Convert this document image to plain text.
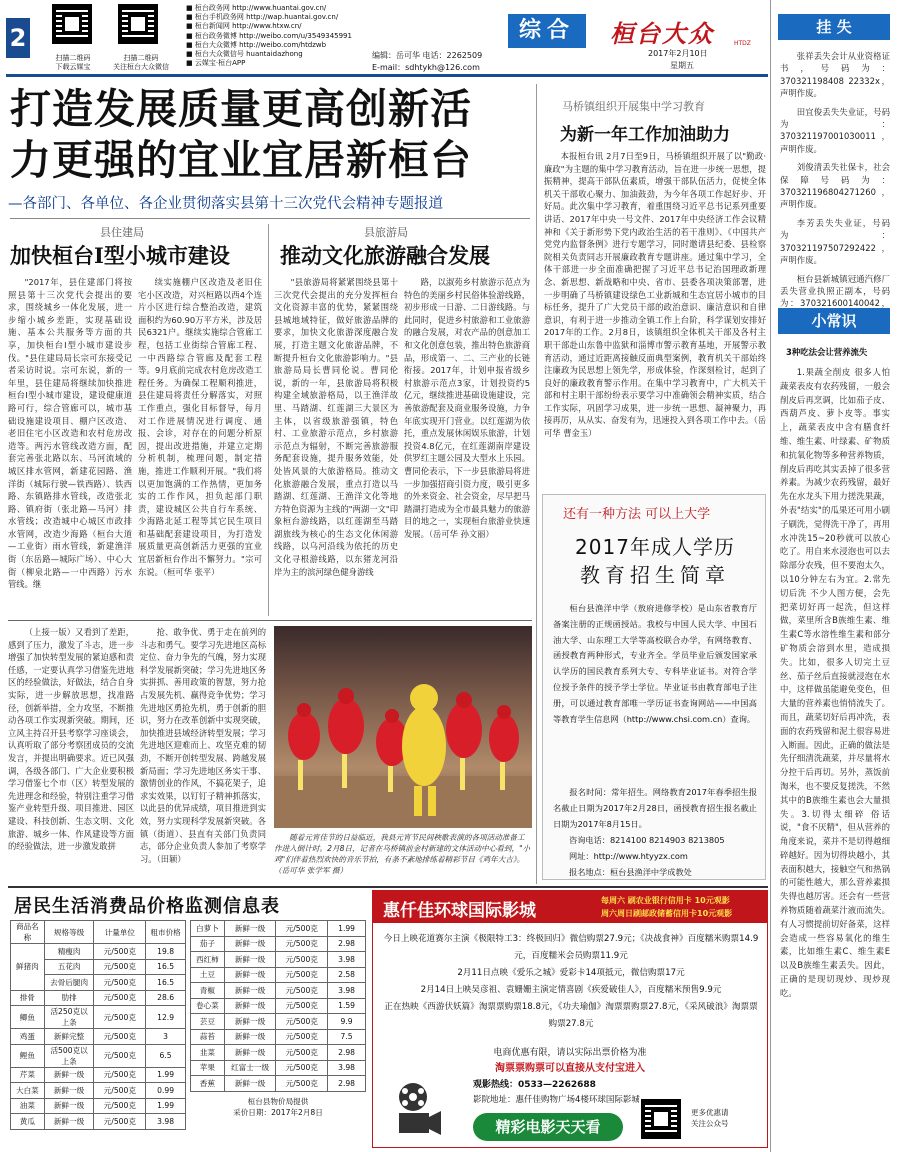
2
扫描二维码
下载云媒宝
扫描二维码
关注桓台大众微信
■ 桓台政务网 http://www.huantai.gov.cn/
■ 桓台手机政务网 http://wap.huantai.gov.cn/
■ 桓台新闻网 http://www.htxw.cn/
■ 桓台政务微博 http://weibo.com/u/3549345991
■ 桓台大众微博 http://weibo.com/htdzwb
■ 桓台大众微信号 huantaidazhong
■ 云媒宝·桓台APP
编辑：岳可华 电话：2262509
E-mail：sdhtykh@126.com
综合	桓台大众	HTDZ
2017年2月10日
星期五
打造发展质量更高创新活
力更强的宜业宜居新桓台
—各部门、各单位、各企业贯彻落实县第十三次党代会精神专题报道
县住建局
加快桓台Ⅰ型小城市建设
县旅游局
推动文化旅游融合发展
"2017年，县住建部门将按照县第十三次党代会提出的要求，围绕城乡一体化发展，进一步缩小城乡差距，实现基础设施、基本公共服务等方面的共享，加快桓台Ⅰ型小城市建设步伐。"县住建局局长宗可东接受记者采访时说。宗可东说，新的一年里，县住建局将继续加快推进桓台Ⅰ型小城市建设，建设健康道路可行，综合管廊可以，城市基础设施建设项目、棚户区改造、老旧住宅小区改造和农村危房改造等。两污水管线改造方面，配套完善张北路以东、马河流域的城区排水管网，新建花园路、渔洋街（城际行驶—铁西路）、铁西路、东镇路排水管线，改造张北路、镇府街（张北路—马河）排水管线；改造城中心城区市政排水管网，改造少海路（桓台大道—工业街）雨水管线，新建渔洋街（东岳路—城际广场）、中心大街（柳泉北路—一中西路）污水管线。继
续实施棚户区改造及老旧住宅小区改造，对兴桓路以西4个连片小区进行综合整治改造，建筑面积约为60.90万平方米，涉及居民6321户。继续实施综合管廊工程，包括工业街综合管廊工程、一中西路综合管廊及配套工程等。9月底前完成农村危房改造工程任务。为确保工程顺利推进，县住建局将责任分解落实，对照工作重点，强化目标督导，每月对工作进展情况进行调度、通报、会诊，对存在的问题分析原因，提出改进措施，并建立定期分析机制，梳理问题，制定措施，推进工作顺利开展。"我们将以更加饱满的工作热情，更加务实的工作作风，担负起部门职责，建设城区公共自行车系统、少海路北延工程等其它民生项目和基础配套建设项目，为打造发展质量更高创新活力更强的宜业宜居新桓台作出不懈努力。"宗可东说。（桓可华 张平）
"县旅游局将紧紧围绕县第十三次党代会提出的充分发挥桓台文化资源丰富的优势，紧紧围绕县城地域特征，做好旅游品牌的要求，加快文化旅游深度融合发展，打造主题文化旅游品牌，不断提升桓台文化旅游影响力。"县旅游局局长曹同伦说。曹同伦说，新的一年，县旅游局将积极构建全域旅游格局，以王渔洋故里、马踏湖、红莲湖三大景区为主体，以省级旅游强镇，特色村、工业旅游示范点，乡村旅游示范点为辐射，不断完善旅游服务配套设施，提升服务效能，处处皆风景的大旅游格局。推动文化旅游融合发展，重点打造以马踏湖、红莲湖、王渔洋文化等地方特色资源为主线的"两湖一文"印象桓台游线路，以红莲湖至马踏湖旅线为核心的生态文化休闲游线路，以乌河沿线为依托的历史文化寻根游线路，以东猪龙河沿岸为主的滨河绿色健身游线
路，以淑苑乡村旅游示范点为特色的美丽乡村民俗体验游线路，初步形成一日游、二日游线路。与此同时，促进乡村旅游和工业旅游的融合发展，对农产品的创意加工和文化创意包装，推出特色旅游商品，形成第一、二、三产业的长链衔接。2017年，计划申报省级乡村旅游示范点3家，计划投资约5亿元，继续推进基础设施建设，完善旅游配套及商业服务设施，力争年底实现开门营业。以红莲湖为依托，重点发展休闲娱乐旅游，计划投资4.8亿元，在红莲湖南岸建设供罗红主题公园及大型水上乐园。曹同伦表示，下一步县旅游局将进一步加强招商引资力度，吸引更多的外来资金、社会资金，尽早把马踏湖打造成为全市最具魅力的旅游目的地之一，实现桓台旅游业快速发展。（岳可华 孙文丽）
（上接一版）又看到了差距，感到了压力，激发了斗志，进一步增强了加快转型发展的紧迫感和责任感，一定要认真学习借鉴先进地区的经验做法，好做法，结合自身实际，进一步解放思想，找准路径，创新举措，全力攻坚，不断推动各项工作实现新突破。期间，还立风主持召开县考察学习座谈会，认真听取了部分考察团成员的交流发言，并提出明确要求。近已风强调，各级各部门、广大企业要积极学习借鉴七个市（区）转型发展的先进理念和经验，特别注重学习借鉴产业转型升级、项目推进、园区建设、科技创新、生态文明、文化旅游、城乡一体、作风建设等方面的经验做法，进一步激发敢拼
抢、敢争优、勇于走在前列的斗志和勇气。要学习先进地区高标定位、奋力争先的气魄，努力实现科学发展新突破；学习先进地区务实拼抓、善用政策的智慧，努力抢占发展先机、赢得竞争优势；学习先进地区勇抢先机，勇于创新的胆识，努力在改革创新中实现突破，加快推进县域经济转型发展；学习先进地区迎难而上、攻坚克难的韧劲，不断开创转型发展、跨越发展新局面；学习先进地区务实干事、激情创业的作风，不搞花架子，追求实效果，以钉钉子精神抓落实，以此县的优异成绩，项目推进到实效，努力实现科学发展新突破。各镇（街道）、县直有关部门负责同志，部分企业负责人参加了考察学习。（田颖）
随着元宵佳节的日益临近，我县元宵节民间秧歌表演的各项活动准备工作进入倒计时。2月8日，记者在乌桥镇前金村新建的文体活动中心看到，"小鸡"们伴着热烈欢快的音乐节拍，有条不紊地排练着精彩节目《鸡年大吉》。（岳可华 张学军 摄）
马桥镇组织开展集中学习教育
为新一年工作加油助力
本报桓台讯 2月7日至9日，马桥镇组织开展了以"勤政·廉政"为主题的集中学习教育活动，旨在进一步统一思想，提振精神，提高干部队伍素质，增强干部队伍活力，促使全体机关干部收心聚力、加油鼓劲，为今年各项工作起好步、开好局。此次集中学习教育，着重围绕习近平总书记系列重要讲话、2017年中央一号文件、2017年中央经济工作会议精神和《关于新形势下党内政治生活的若干准则》、《中国共产党党内监督条例》进行专题学习，同时邀请县纪委、县检察院相关负责同志开展廉政教育专题讲座。通过集中学习，全体干部进一步全面准确把握了习近平总书记治国理政新理念、新思想、新战略和中央、省市、县委各项决策部署，进一步明确了马桥镇建设绿色工业新城和生态宜居小城市的目标任务，提升了广大党员干部的政治意识、廉洁意识和自律意识，有利于进一步推动全镇工作上台阶，科学谋划安排好2017年的工作。2月8日，该镇组织全体机关干部及各村主职干部赴山东鲁中监狱和淄博市警示教育基地，开展警示教育活动，通过近距离接触反面典型案例，教育机关干部始终注廉政为民思想上领先学，形成体验，作深刻检讨，起到了良好的廉政教育警示作用。在集中学习教育中，广大机关干部和村主职干部纷纷表示要学习中准确领会精神实质，结合工作实际，巩固学习成果，进一步统一思想、凝神聚力，再接再厉，从从实、奋发有为，迅速投入到各项工作中去。（岳可华 曹金玉）
还有一种方法 可以上大学
2017年成人学历
教育招生简章
桓台县渔洋中学（敖府进修学校）是山东省教育厅备案注册的正规函授站。我校与中国人民大学、中国石油大学、山东理工大学等高校联合办学，有网络教育、函授教育两种形式，专业齐全。学员毕业后颁发国家承认学历的国民教育系列大专、专科毕业证书。对符合学位授予条件的授予学士学位。毕业证书由教育部电子注册，可以通过教育部唯一学历证书查询网站——中国高等教育学生信息网（http://www.chsi.com.cn）查询。
报名时间：常年招生。网络教育2017年春季招生报名截止日期为2017年2月28日，函授教育招生报名截止日期为2017年8月15日。
咨询电话：8214100 8214903 8213805
网址：http://www.htyyzx.com
报名地点：桓台县渔洋中学成教处
挂 失
张祥丢失会计从业资格证书，号码为：370321198408 22332x，声明作废。
田宜俊丢失失业证，号码为：370321197001030011，声明作废。
刘俊清丢失社保卡，社会保障号码为：370321196804271260，声明作废。
李芳丢失失业证，号码为：370321197507292422，声明作废。
桓台县新城镇冠通汽修厂丢失营业执照正副本，号码为：370321600140042，
小常识
3种吃法会让营养流失
1.果蔬全削皮 很多人怕蔬菜表皮有农药残留，一般会削皮后再烹调，比如茄子皮、西葫芦皮、萝卜皮等。事实上，蔬菜表皮中含有膳食纤维、维生素、叶绿素、矿物质和抗氧化物等多种营养物质，削皮后再吃其实丢掉了很多营养素。为减少农药残留，最好先在水龙头下用力搓洗果蔬，外表"结实"的瓜果还可用小刷子刷洗，觉得洗干净了，再用水冲洗15~20秒就可以放心吃了。用自来水浸泡也可以去除部分农残，但不要泡太久，以10分钟左右为宜。2.常先切后洗 不少人图方便，会先把菜切好再一起洗，但这样做，菜里所含B族维生素、维生素C等水溶性维生素和部分矿物质会溶到水里，造成损失。比如，很多人切完土豆丝、茄子丝后直接就浸泡在水中，这样做虽能避免变色，但大量的营养素也悄悄流失了。而且，蔬菜切好后再冲洗，表面的农药残留和泥土很容易进入断面。因此，正确的做法是先仔细清洗蔬菜，并尽量将水分控干后再切。另外，蒸饭前淘米，也不要反复搓洗，不然其中的B族维生素也会大量损失。3.切得太细碎 俗话说，"食不厌精"，但从营养的角度来说，菜并不是切得越细碎越好。因为切得块越小，其表面积越大，接触空气和热锅的可能性越大，那么营养素损失得也越厉害。还会有一些营养物质随着蔬菜汁液而流失。有人习惯提前切好备菜，这样会造成一些容易氧化的维生素，比如维生素C、维生素E以及B族维生素丢失。因此，正确的是现切现炒、现炒现吃。
居民生活消费品价格监测信息表
商品名称	规格等级	计量单位	粗市价格
鲜猪肉	精瘦肉	元/500克	19.8
	五花肉	元/500克	16.5
	去骨后腿肉	元/500克	16.5
排骨	肋排	元/500克	28.6
鲫鱼	活250克以上条	元/500克	12.9
鸡蛋	新鲜完整	元/500克	3
鲤鱼	活500克以上条	元/500克	6.5
芹菜	新鲜一级	元/500克	1.99
大白菜	新鲜一级	元/500克	0.99
油菜	新鲜一级	元/500克	1.99
黄瓜	新鲜一级	元/500克	3.98
白萝卜	新鲜一级	元/500克	1.99
茄子	新鲜一级	元/500克	2.98
西红柿	新鲜一级	元/500克	3.98
土豆	新鲜一级	元/500克	2.58
青椒	新鲜一级	元/500克	3.98
卷心菜	新鲜一级	元/500克	1.59
芸豆	新鲜一级	元/500克	9.9
蒜苔	新鲜一级	元/500克	7.5
韭菜	新鲜一级	元/500克	2.98
苹果	红富士一级	元/500克	3.98
香蕉	新鲜一级	元/500克	2.98
桓台县物价局提供
采价日期：2017年2月8日
惠仟佳环球国际影城
每周六 刷农业银行信用卡 10元观影
周六周日刷邮政储蓄信用卡10元观影
今日上映花道赛尔主演《极限特工3：终极回归》微信购票27.9元；《决战食神》百度糯米购票14.9元，百度糯米会员购票11.9元
2月11日点映《爱乐之城》爱彩卡14项抵元，微信购票17元
2月14日上映吴彦祖、袁姗姗主演定情喜剧《疾爱破佳人》，百度糯米预售9.9元
正在热映《西游伏妖篇》淘票票购票18.8元，《功夫瑜伽》淘票票购票27.8元，《采风破浪》淘票票购票27.8元
电商优惠有限，请以实际出票价格为准
淘票票购票可以直接从支付宝进入
观影热线：0533—2262688
影院地址：惠仟佳购物广场4楼环球国际影城
精彩电影天天看
更多优惠请
关注公众号
